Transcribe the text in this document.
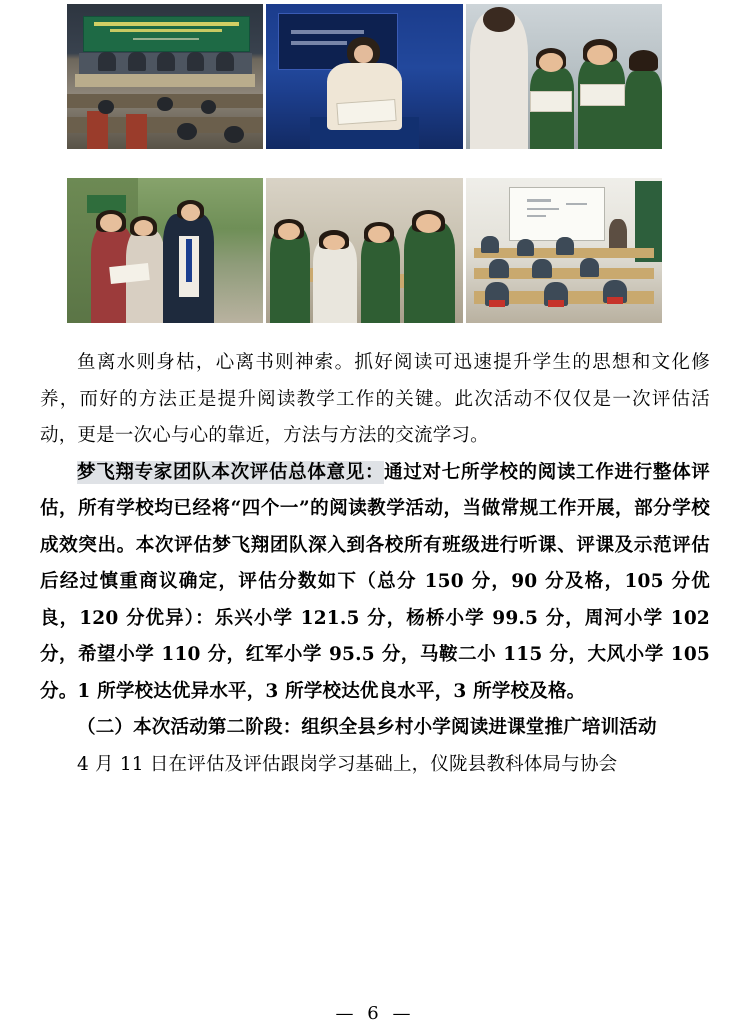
鱼离水则身枯，心离书则神索。抓好阅读可迅速提升学生的思想和文化修养，而好的方法正是提升阅读教学工作的关键。此次活动不仅仅是一次评估活动，更是一次心与心的靠近，方法与方法的交流学习。

梦飞翔专家团队本次评估总体意见：通过对七所学校的阅读工作进行整体评估，所有学校均已经将“四个一”的阅读教学活动，当做常规工作开展，部分学校成效突出。本次评估梦飞翔团队深入到各校所有班级进行听课、评课及示范评估后经过慎重商议确定，评估分数如下（总分 150 分，90 分及格，105 分优良，120 分优异）：乐兴小学 121.5 分，杨桥小学 99.5 分，周河小学 102 分，希望小学 110 分，红军小学 95.5 分，马鞍二小 115 分，大风小学 105 分。1 所学校达优异水平，3 所学校达优良水平，3 所学校及格。

（二）本次活动第二阶段：组织全县乡村小学阅读进课堂推广培训活动

4 月 11 日在评估及评估跟岗学习基础上，仪陇县教科体局与协会

— 6 —
